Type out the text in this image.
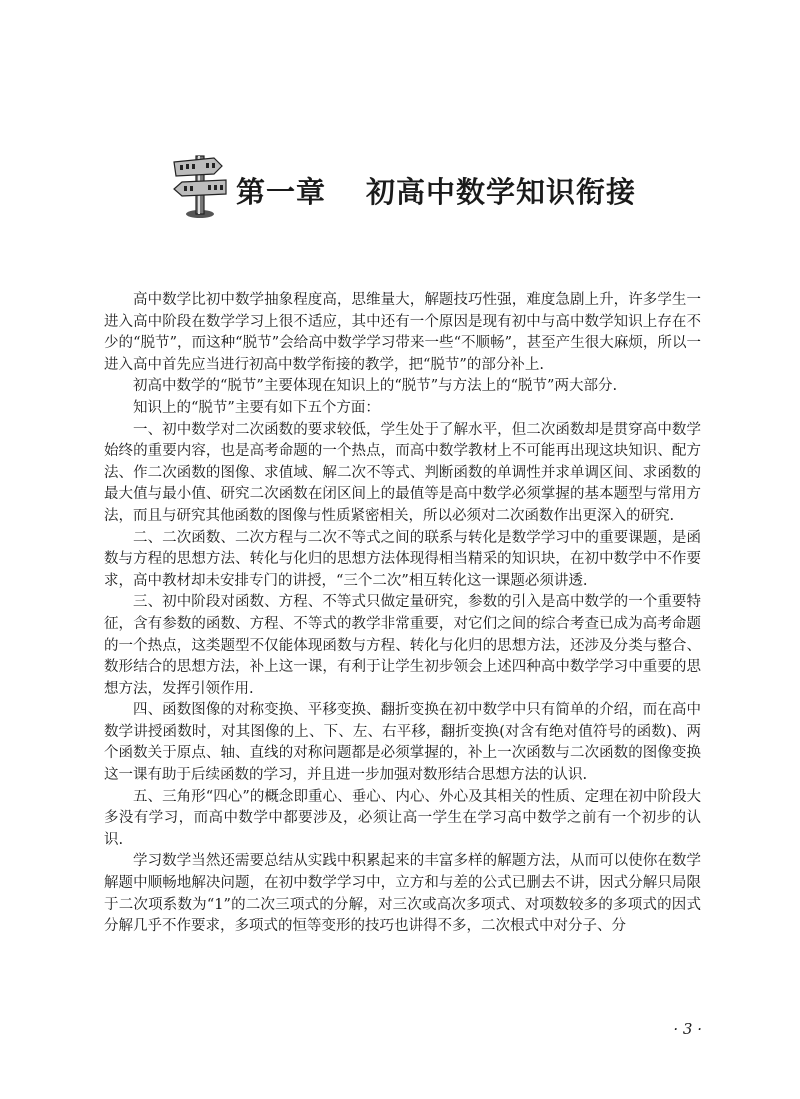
第一章 初高中数学知识衔接

高中数学比初中数学抽象程度高，思维量大，解题技巧性强，难度急剧上升，许多学生一进入高中阶段在数学学习上很不适应，其中还有一个原因是现有初中与高中数学知识上存在不少的“脱节”，而这种“脱节”会给高中数学学习带来一些“不顺畅”，甚至产生很大麻烦，所以一进入高中首先应当进行初高中数学衔接的教学，把“脱节”的部分补上.

初高中数学的“脱节”主要体现在知识上的“脱节”与方法上的“脱节”两大部分.

知识上的“脱节”主要有如下五个方面：

一、初中数学对二次函数的要求较低，学生处于了解水平，但二次函数却是贯穿高中数学始终的重要内容，也是高考命题的一个热点，而高中数学教材上不可能再出现这块知识、配方法、作二次函数的图像、求值域、解二次不等式、判断函数的单调性并求单调区间、求函数的最大值与最小值、研究二次函数在闭区间上的最值等是高中数学必须掌握的基本题型与常用方法，而且与研究其他函数的图像与性质紧密相关，所以必须对二次函数作出更深入的研究.

二、二次函数、二次方程与二次不等式之间的联系与转化是数学学习中的重要课题，是函数与方程的思想方法、转化与化归的思想方法体现得相当精采的知识块，在初中数学中不作要求，高中教材却未安排专门的讲授，“三个二次”相互转化这一课题必须讲透.

三、初中阶段对函数、方程、不等式只做定量研究，参数的引入是高中数学的一个重要特征，含有参数的函数、方程、不等式的教学非常重要，对它们之间的综合考查已成为高考命题的一个热点，这类题型不仅能体现函数与方程、转化与化归的思想方法，还涉及分类与整合、数形结合的思想方法，补上这一课，有利于让学生初步领会上述四种高中数学学习中重要的思想方法，发挥引领作用.

四、函数图像的对称变换、平移变换、翻折变换在初中数学中只有简单的介绍，而在高中数学讲授函数时，对其图像的上、下、左、右平移，翻折变换(对含有绝对值符号的函数)、两个函数关于原点、轴、直线的对称问题都是必须掌握的，补上一次函数与二次函数的图像变换这一课有助于后续函数的学习，并且进一步加强对数形结合思想方法的认识.

五、三角形“四心”的概念即重心、垂心、内心、外心及其相关的性质、定理在初中阶段大多没有学习，而高中数学中都要涉及，必须让高一学生在学习高中数学之前有一个初步的认识.

学习数学当然还需要总结从实践中积累起来的丰富多样的解题方法，从而可以使你在数学解题中顺畅地解决问题，在初中数学学习中，立方和与差的公式已删去不讲，因式分解只局限于二次项系数为“1”的二次三项式的分解，对三次或高次多项式、对项数较多的多项式的因式分解几乎不作要求，多项式的恒等变形的技巧也讲得不多，二次根式中对分子、分

· 3 ·
